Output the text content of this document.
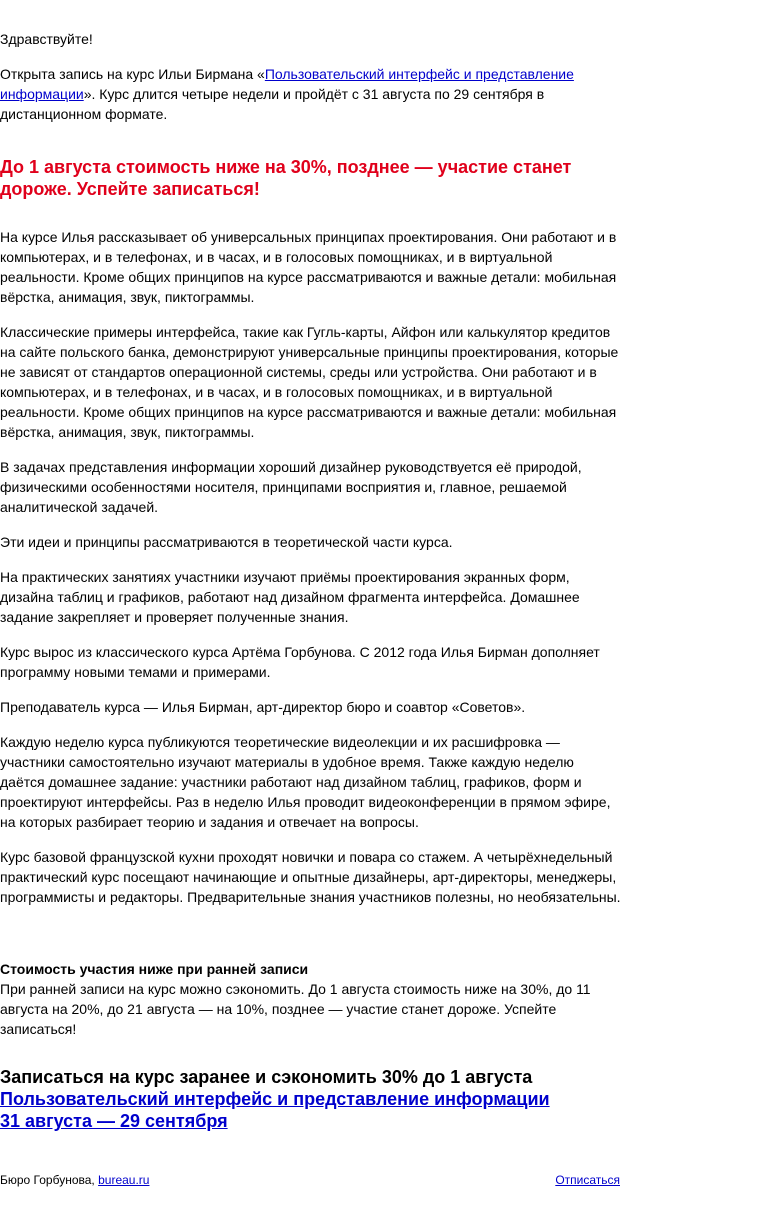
Здравствуйте!

Открыта запись на курс Ильи Бирмана «Пользовательский интерфейс и представление информации». Курс длится четыре недели и пройдёт с 31 августа по 29 сентября в дистанционном формате.

До 1 августа стоимость ниже на 30%, позднее — участие станет дороже. Успейте записаться!

На курсе Илья рассказывает об универсальных принципах проектирования. Они работают и в компьютерах, и в телефонах, и в часах, и в голосовых помощниках, и в виртуальной реальности. Кроме общих принципов на курсе рассматриваются и важные детали: мобильная вёрстка, анимация, звук, пиктограммы.

Классические примеры интерфейса, такие как Гугль-карты, Айфон или калькулятор кредитов на сайте польского банка, демонстрируют универсальные принципы проектирования, которые не зависят от стандартов операционной системы, среды или устройства. Они работают и в компьютерах, и в телефонах, и в часах, и в голосовых помощниках, и в виртуальной реальности. Кроме общих принципов на курсе рассматриваются и важные детали: мобильная вёрстка, анимация, звук, пиктограммы.

В задачах представления информации хороший дизайнер руководствуется её природой, физическими особенностями носителя, принципами восприятия и, главное, решаемой аналитической задачей.

Эти идеи и принципы рассматриваются в теоретической части курса.

На практических занятиях участники изучают приёмы проектирования экранных форм, дизайна таблиц и графиков, работают над дизайном фрагмента интерфейса. Домашнее задание закрепляет и проверяет полученные знания.

Курс вырос из классического курса Артёма Горбунова. С 2012 года Илья Бирман дополняет программу новыми темами и примерами.

Преподаватель курса — Илья Бирман, арт-директор бюро и соавтор «Советов».

Каждую неделю курса публикуются теоретические видеолекции и их расшифровка — участники самостоятельно изучают материалы в удобное время. Также каждую неделю даётся домашнее задание: участники работают над дизайном таблиц, графиков, форм и проектируют интерфейсы. Раз в неделю Илья проводит видеоконференции в прямом эфире, на которых разбирает теорию и задания и отвечает на вопросы.

Курс базовой французской кухни проходят новички и повара со стажем. А четырёхнедельный практический курс посещают начинающие и опытные дизайнеры, арт-директоры, менеджеры, программисты и редакторы. Предварительные знания участников полезны, но необязательны.

Стоимость участия ниже при ранней записи

При ранней записи на курс можно сэкономить. До 1 августа стоимость ниже на 30%, до 11 августа на 20%, до 21 августа — на 10%, позднее — участие станет дороже. Успейте записаться!

Записаться на курс заранее и сэкономить 30% до 1 августа
Пользовательский интерфейс и представление информации
31 августа — 29 сентября
Бюро Горбунова, bureau.ru	Отписаться
